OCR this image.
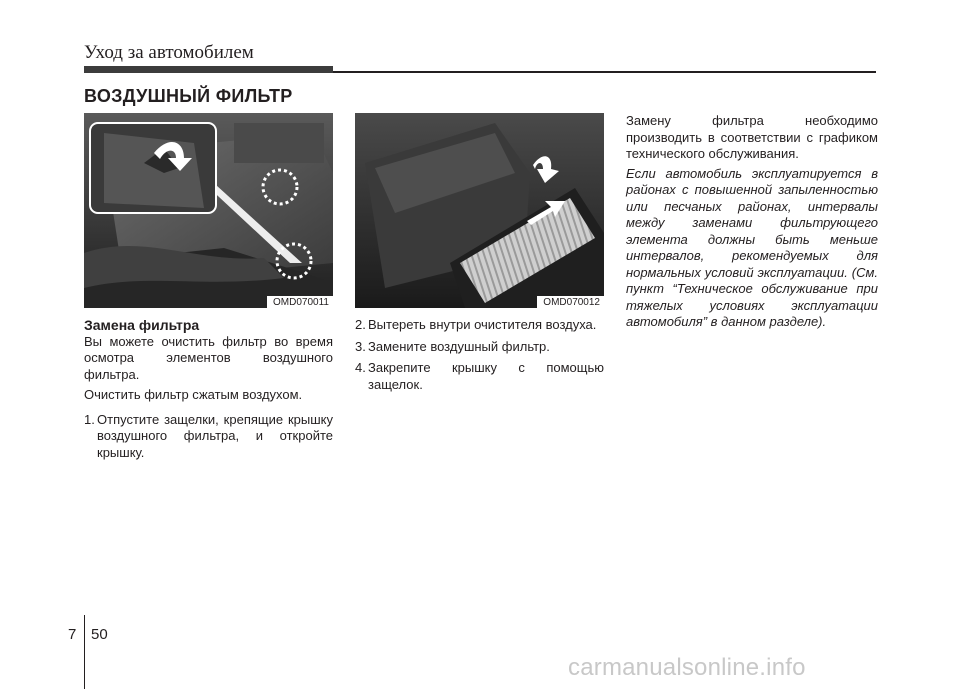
Уход за автомобилем
ВОЗДУШНЫЙ ФИЛЬТР
OMD070011	OMD070012

Замена фильтра

Вы можете очистить фильтр во время осмотра элементов воздушного фильтра.

Очистить фильтр сжатым воздухом.

1. Отпустите защелки, крепящие крышку воздушного фильтра, и откройте крышку.
2. Вытереть внутри очистителя воздуха.
3. Замените воздушный фильтр.
4. Закрепите крышку с помощью защелок.

Замену фильтра необходимо производить в соответствии с графиком технического обслуживания.

Если автомобиль эксплуатируется в районах с повышенной запыленностью или песчаных районах, интервалы между заменами фильтрующего элемента должны быть меньше интервалов, рекомендуемых для нормальных условий эксплуатации. (См. пункт “Техническое обслуживание при тяжелых условиях эксплуатации автомобиля” в данном разделе).

7 50
carmanualsonline.info
